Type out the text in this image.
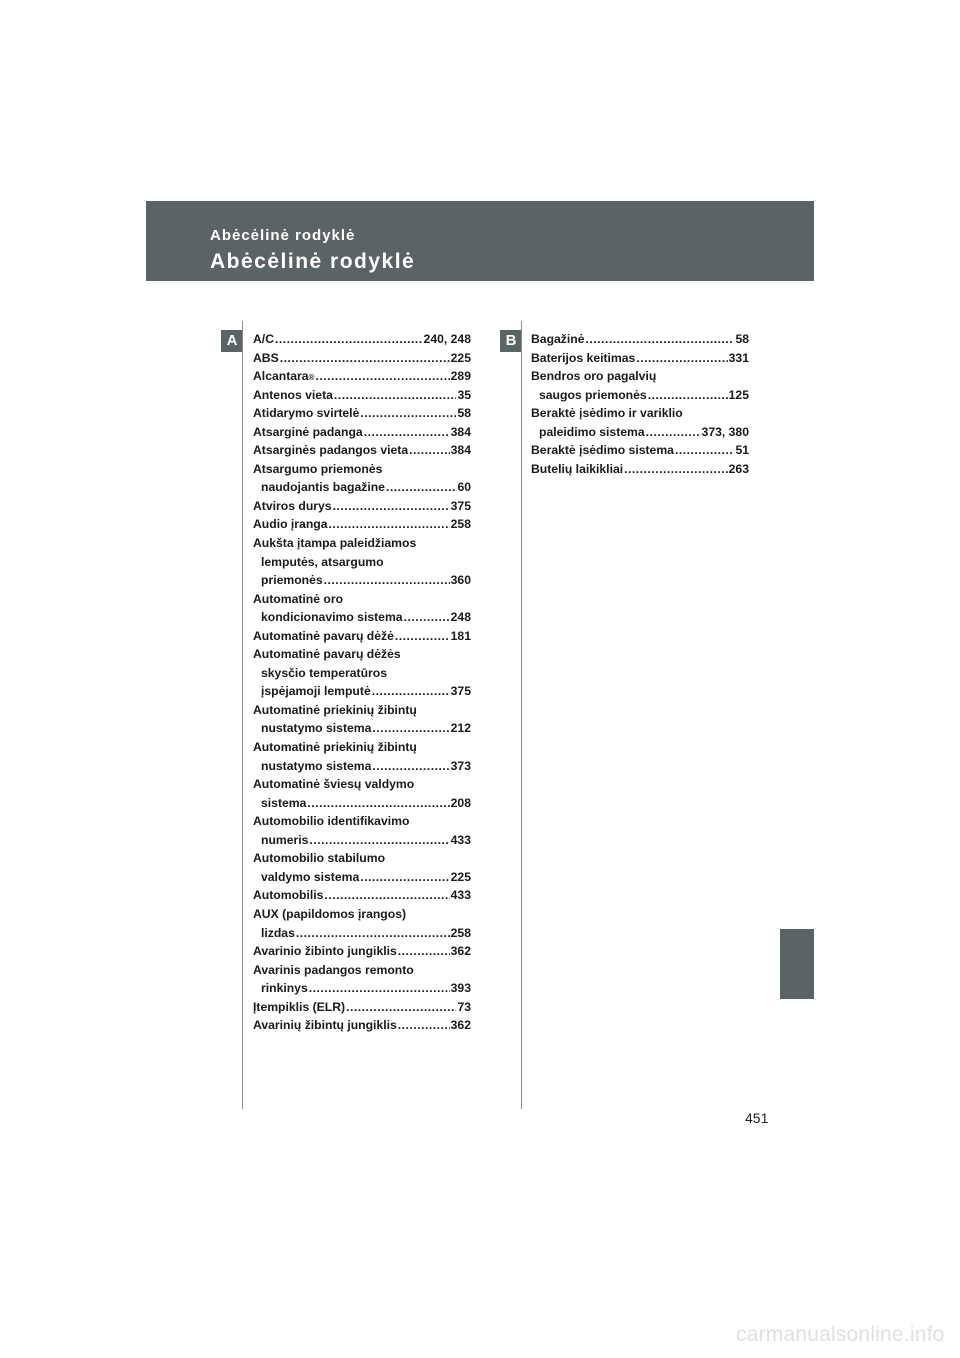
Abėcėlinė rodyklė
Abėcėlinė rodyklė
A	A/C .....	240, 248
ABS .....	225
Alcantara ® .....	289
Antenos vieta .....	35
Atidarymo svirtelė .....	58
Atsarginė padanga .....	384
Atsarginės padangos vieta .....	384
Atsargumo priemonės
naudojantis bagažine .....	60
Atviros durys .....	375
Audio įranga .....	258
Aukšta įtampa paleidžiamos
lemputės, atsargumo
priemonės .....	360
Automatinė oro
kondicionavimo sistema .....	248
Automatinė pavarų dėžė .....	181
Automatinė pavarų dėžės
skysčio temperatūros
įspėjamoji lemputė .....	375
Automatinė priekinių žibintų
nustatymo sistema .....	212
Automatinė priekinių žibintų
nustatymo sistema .....	373
Automatinė šviesų valdymo
sistema .....	208
Automobilio identifikavimo
numeris .....	433
Automobilio stabilumo
valdymo sistema .....	225
Automobilis .....	433
AUX (papildomos įrangos)
lizdas .....	258
Avarinio žibinto jungiklis .....	362
Avarinis padangos remonto
rinkinys .....	393
Įtempiklis (ELR) .....	73
Avarinių žibintų jungiklis .....	362
B	Bagažinė .....	58
Baterijos keitimas .....	331
Bendros oro pagalvių
saugos priemonės .....	125
Beraktė įsėdimo ir variklio
paleidimo sistema .....	373, 380
Beraktė įsėdimo sistema .....	51
Butelių laikikliai .....	263
451
carmanualsonline.info
